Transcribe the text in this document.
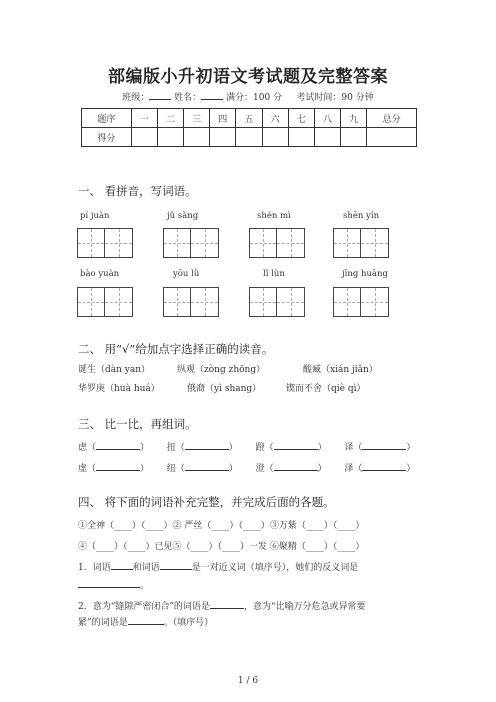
部编版小升初语文考试题及完整答案
班级：	姓名：	满分：100 分 考试时间：90 分钟
题序	一	二	三	四	五	六	七	八	九	总分
得分										
一、 看拼音，写词语。
pí juàn	jǔ sàng	shén mì	shēn yín
bào yuàn	yōu lǜ	lǐ lùn	jīng huāng
二、 用“√”给加点字选择正确的读音。
诞生（dàn yan）	纵观（zòng zhōng）	酸臧（xián jiǎn）
华罗庚（huà huá）	俄裔（yì shang）	锲而不舍（qiè qì）
三、 比一比，再组词。
虑（	） 扭（	） 蹬（	） 译（	）
虚（	） 纽（	） 澄（	） 泽（	）
四、 将下面的词语补充完整，并完成后面的各题。
①全神（____）（____）② 严丝（____）（____）③万紫（____）（____）
④（____）（____）已见⑤（____）（____）一发 ⑥聚精（____）（____）
1．词语 和词语	是一对近义词（填序号），她们的反义词是
。
2．意为“缝隙严密闭合”的词语是	，意为“比喻万分危急或异常要
紧”的词语是	。（填序号）
1 / 6
